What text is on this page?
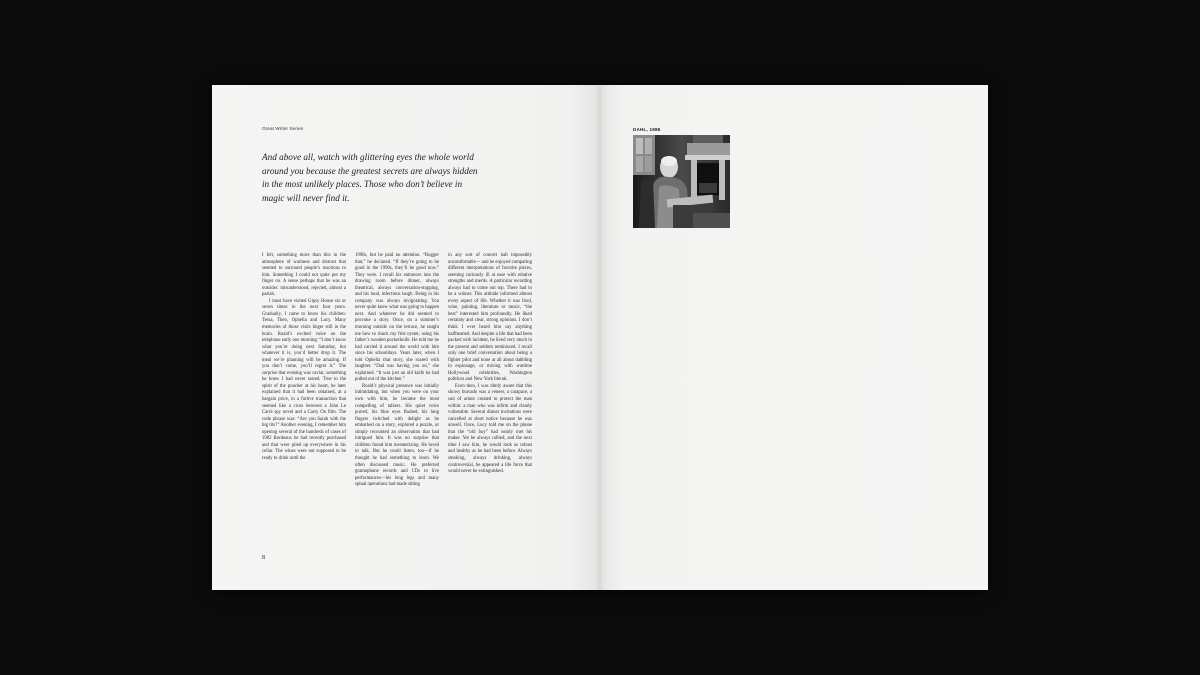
Great Writer Series
And above all, watch with glittering eyes the whole world around you because the greatest secrets are always hidden in the most unlikely places. Those who don’t believe in magic will never find it.

I felt, something more than this in the atmosphere of wariness and distrust that seemed to surround people’s reactions to him. Something I could not quite put my finger on. A sense perhaps that he was an outsider: misunderstood, rejected, almost a pariah.

I must have visited Gipsy House six or seven times in the next four years. Gradually, I came to know his children: Tessa, Theo, Ophelia and Lucy. Many memories of those visits linger still in the brain. Roald’s excited voice on the telephone early one morning: “I don’t know what you’re doing next Saturday, but whatever it is, you’d better drop it. The meal we’re planning will be amazing. If you don’t come, you’ll regret it.” The surprise that evening was caviar, something he knew I had never tasted. True to the spirit of the poacher at his heart, he later explained that it had been obtained, at a bargain price, in a furtive transaction that seemed like a cross between a John Le Carré spy novel and a Carry On film. The code phrase was: “Are you Sarah with the big tits?” Another evening, I remember him opening several of the hundreds of cases of 1982 Bordeaux he had recently purchased and that were piled up everywhere in his cellar. The wines were not supposed to be ready to drink until the

1990s, but he paid no attention. “Bugger that,” he declared. “If they’re going to be good in the 1990s, they’ll be good now.” They were. I recall his entrances into the drawing room before dinner, always theatrical, always conversation-stopping, and his loud, infectious laugh. Being in his company was always invigorating. You never quite knew what was going to happen next. And whatever he did seemed to provoke a story. Once, on a summer’s morning outside on the terrace, he taught me how to shuck my first oyster, using his father’s wooden pocketknife. He told me he had carried it around the world with him since his schooldays. Years later, when I told Ophelia that story, she roared with laughter. “Dad was having you on,” she explained. “It was just an old knife he had pulled out of the kitchen.”

Roald’s physical presence was initially intimidating, but when you were on your own with him, he became the most compelling of talkers. His quiet voice purred, his blue eyes flashed, his long fingers twitched with delight as he embarked on a story, explored a puzzle, or simply recounted an observation that had intrigued him. It was no surprise that children found him mesmerizing. He loved to talk. But he could listen, too—if he thought he had something to learn. We often discussed music. He preferred gramophone records and CDs to live performances—his long legs and many spinal operations had made sitting

in any sort of concert hall impossibly uncomfortable— and he enjoyed comparing different interpretations of favorite pieces, seeming curiously ill at ease with relative strengths and merits. A particular recording always had to come out top. There had to be a winner. This attitude informed almost every aspect of life. Whether it was food, wine, painting, literature or music, “the best” interested him profoundly. He liked certainty and clear, strong opinions. I don’t think I ever heard him say anything halfhearted. And despite a life that had been packed with incident, he lived very much in the present and seldom reminisced. I recall only one brief conversation about being a fighter pilot and none at all about dabbling in espionage, or mixing with wartime Hollywood celebrities, Washington politicos and New York literati.

Even then, I was dimly aware that this showy bravado was a veneer, a carapace, a suit of armor created to protect the man within: a man who was infirm and clearly vulnerable. Several dinner invitations were cancelled at short notice because he was unwell. Once, Lucy told me on the phone that the “old boy” had nearly met his maker. Yet he always rallied, and the next time I saw him, he would look as robust and healthy as he had been before. Always smoking, always drinking, always controversial, he appeared a life force that would never be extinguished.

8
DAHL, 1986
